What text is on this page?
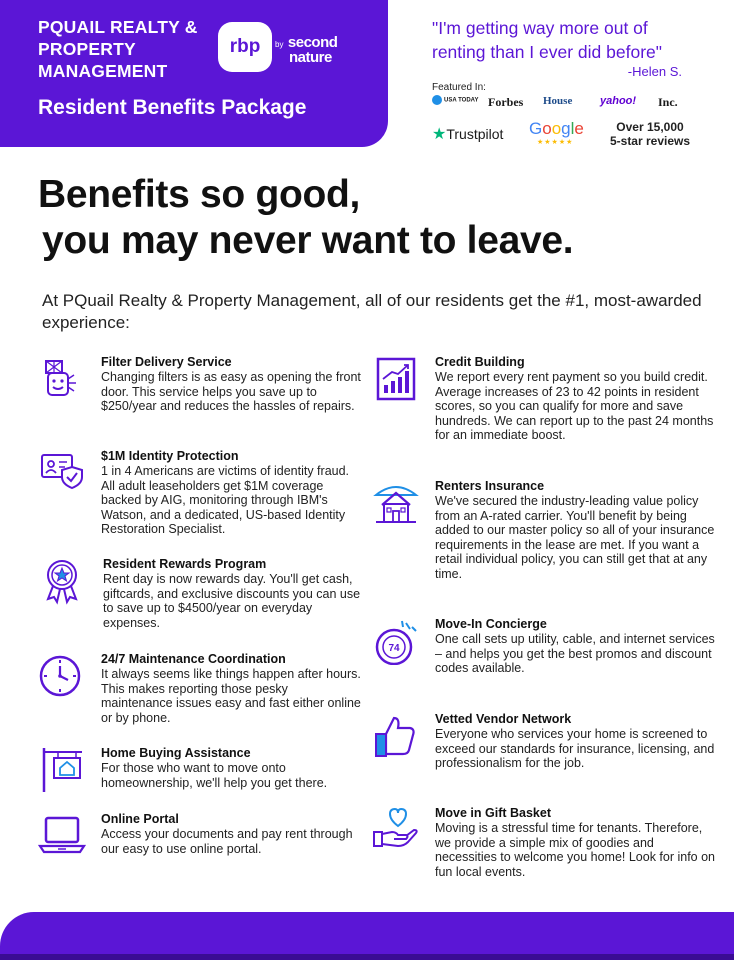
PQUAIL REALTY &
PROPERTY
MANAGEMENT
rbp	by second
nature
Resident Benefits Package
"I'm getting way more out of
renting than I ever did before"
-Helen S.
Featured In:
USA TODAY Forbes House	yahoo! Inc.
★Trustpilot Google
★★★★★
Over 15,000
5-star reviews
Benefits so good,
you may never want to leave.
At PQuail Realty & Property Management, all of our residents get the #1, most-awarded experience:
Filter Delivery Service
Changing filters is as easy as opening the front door. This service helps you save up to $250/year and reduces the hassles of repairs.
$1M Identity Protection
1 in 4 Americans are victims of identity fraud. All adult leaseholders get $1M coverage backed by AIG, monitoring through IBM's Watson, and a dedicated, US-based Identity Restoration Specialist.
Resident Rewards Program
Rent day is now rewards day. You'll get cash, giftcards, and exclusive discounts you can use to save up to $4500/year on everyday expenses.
24/7 Maintenance Coordination
It always seems like things happen after hours. This makes reporting those pesky maintenance issues easy and fast either online or by phone.
Home Buying Assistance
For those who want to move onto homeownership, we'll help you get there.
Online Portal
Access your documents and pay rent through our easy to use online portal.
Credit Building
We report every rent payment so you build credit. Average increases of 23 to 42 points in resident scores, so you can qualify for more and save hundreds. We can report up to the past 24 months for an immediate boost.
Renters Insurance
We've secured the industry-leading value policy from an A-rated carrier. You'll benefit by being added to our master policy so all of your insurance requirements in the lease are met. If you want a retail individual policy, you can still get that at any time.
74
Move-In Concierge
One call sets up utility, cable, and internet services – and helps you get the best promos and discount codes available.
Vetted Vendor Network
Everyone who services your home is screened to exceed our standards for insurance, licensing, and professionalism for the job.
Move in Gift Basket
Moving is a stressful time for tenants. Therefore, we provide a simple mix of goodies and necessities to welcome you home! Look for info on fun local events.
